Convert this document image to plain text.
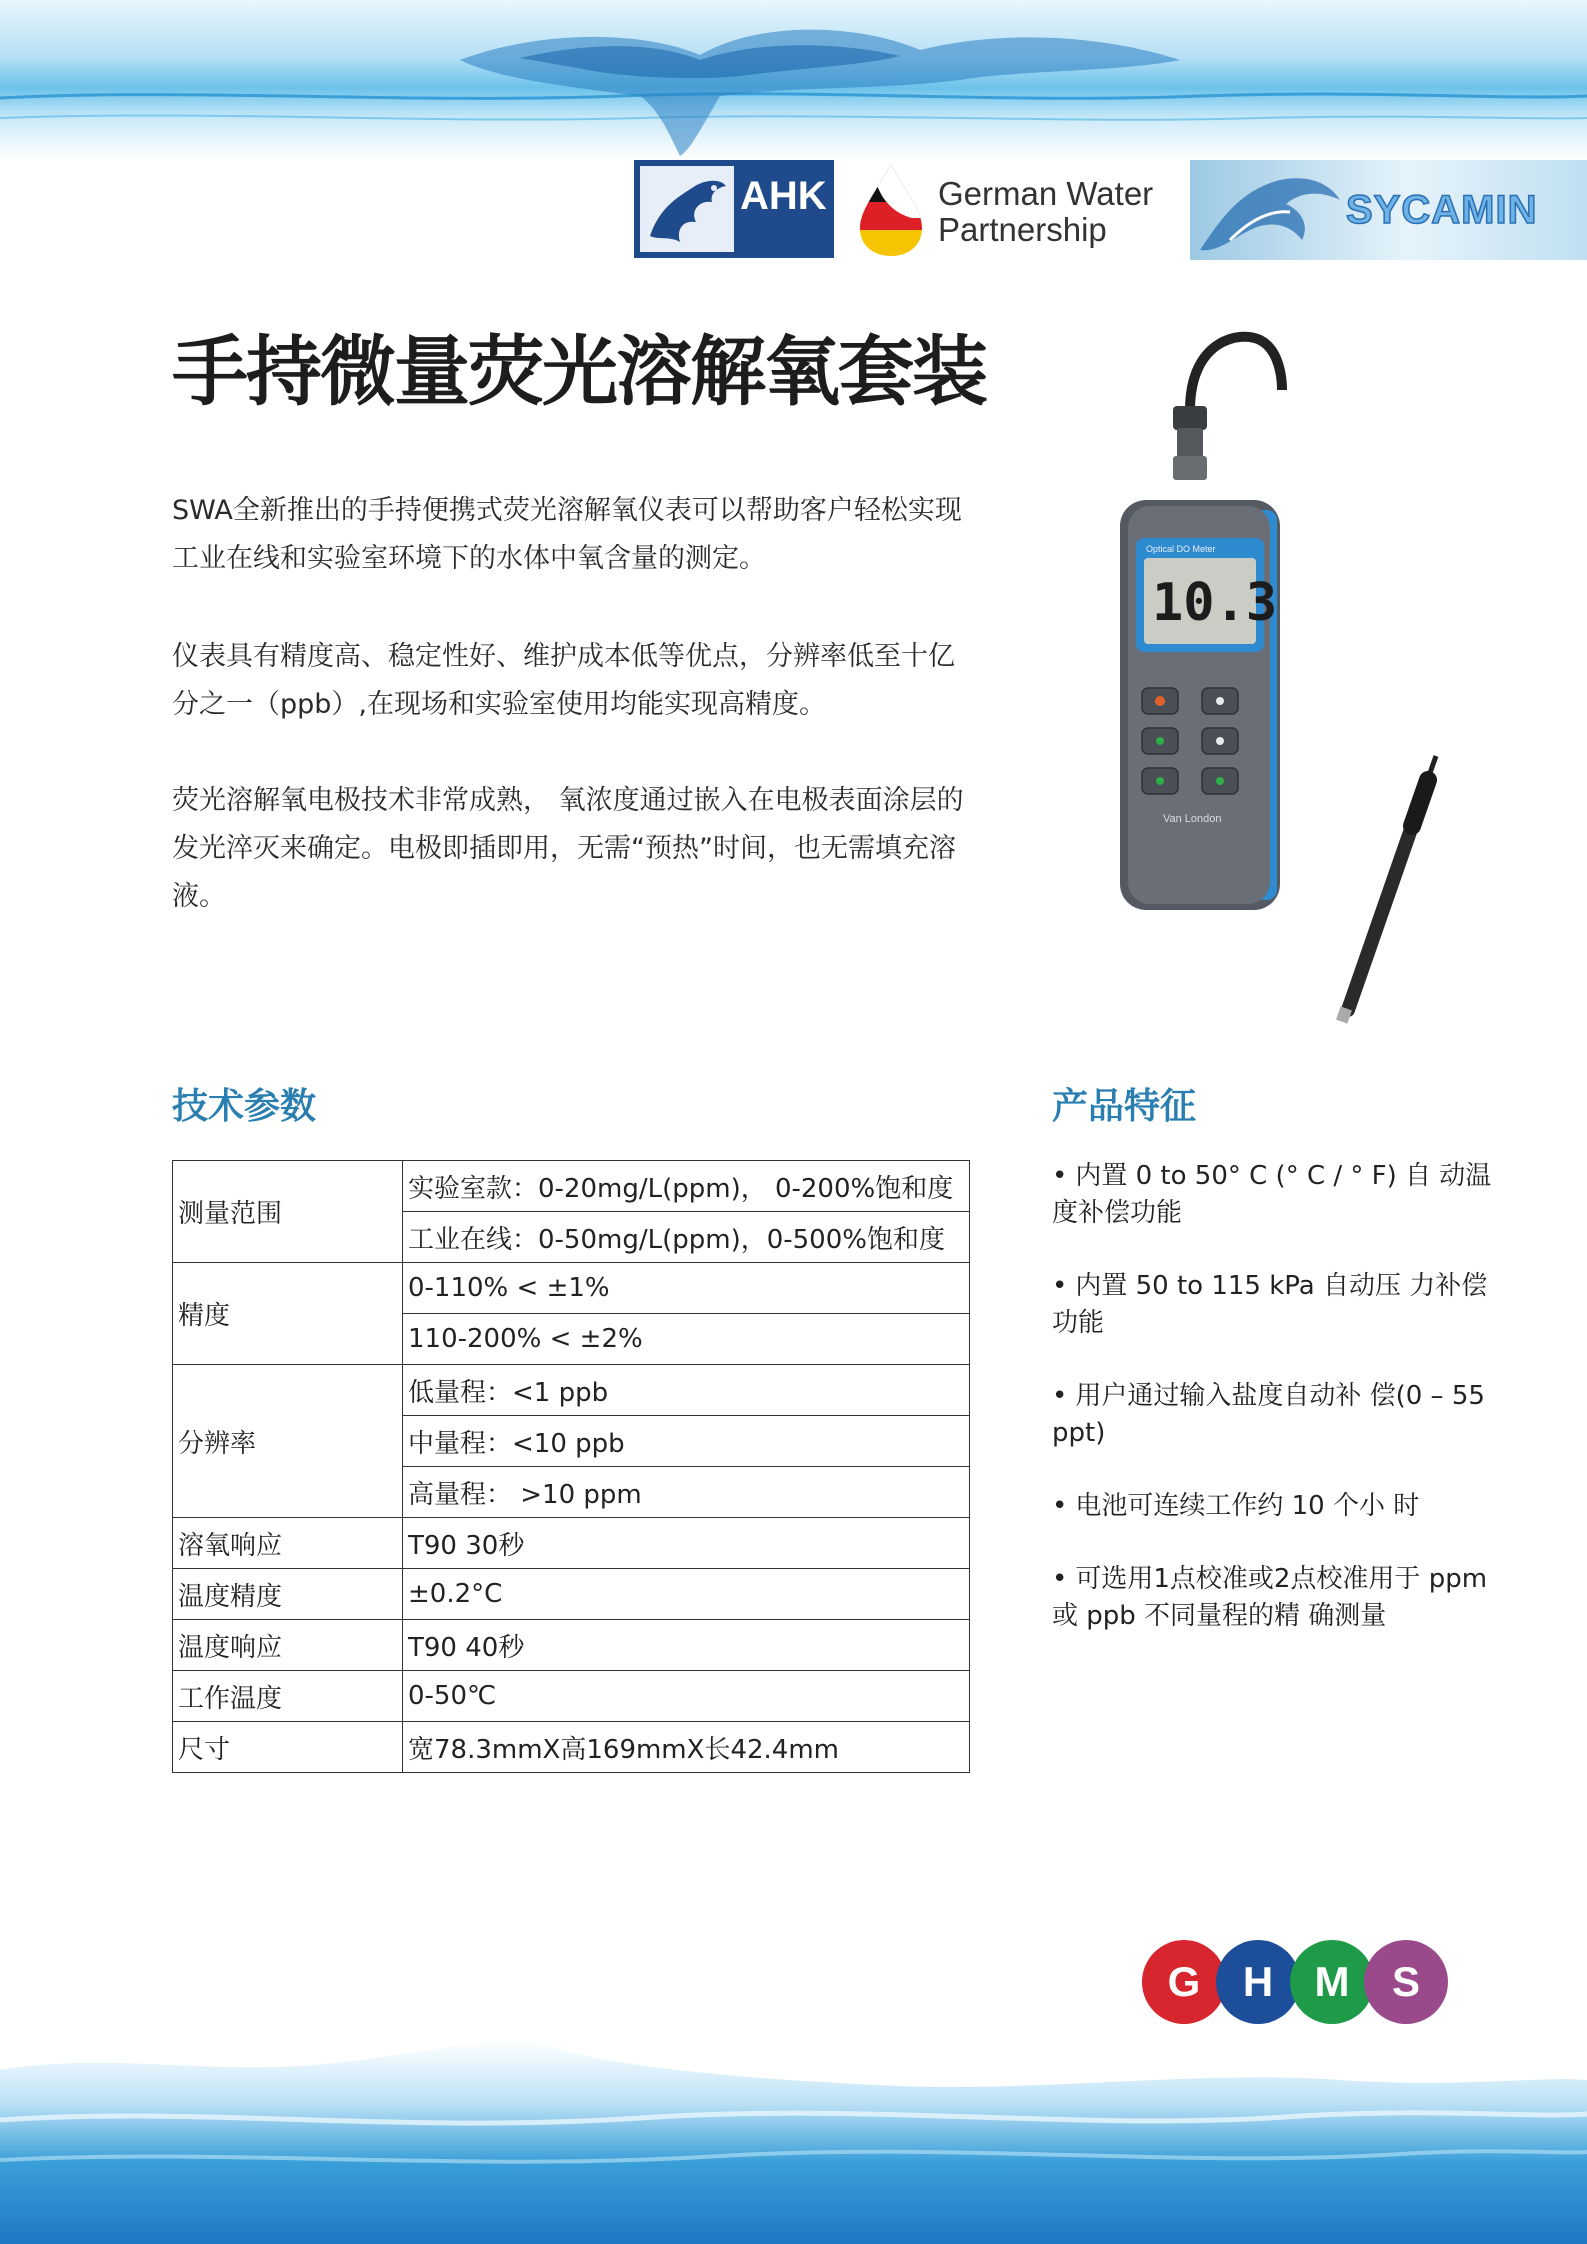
AHK	German Water
Partnership	SYCAMIN
手持微量荧光溶解氧套装

SWA全新推出的手持便携式荧光溶解氧仪表可以帮助客户轻松实现工业在线和实验室环境下的水体中氧含量的测定。

仪表具有精度高、稳定性好、维护成本低等优点，分辨率低至十亿分之一（ppb）,在现场和实验室使用均能实现高精度。

荧光溶解氧电极技术非常成熟， 氧浓度通过嵌入在电极表面涂层的发光淬灭来确定。电极即插即用，无需“预热”时间，也无需填充溶液。

Optical DO Meter
10.3
Van London
技术参数
测量范围	实验室款：0-20mg/L(ppm)， 0-200%饱和度
	工业在线：0-50mg/L(ppm)，0-500%饱和度
精度	0-110% < ±1%
	110-200% < ±2%
分辨率	低量程：<1 ppb
	中量程：<10 ppb
	高量程： >10 ppm
溶氧响应	T90 30秒
温度精度	±0.2°C
温度响应	T90 40秒
工作温度	0-50℃
尺寸	宽78.3mmX高169mmX长42.4mm
产品特征
• 内置 0 to 50° C (° C / ° F) 自 动温度补偿功能
• 内置 50 to 115 kPa 自动压 力补偿功能
• 用户通过输入盐度自动补 偿(0 – 55 ppt)
• 电池可连续工作约 10 个小 时
• 可选用1点校准或2点校准用于 ppm 或 ppb 不同量程的精 确测量
G H M S
